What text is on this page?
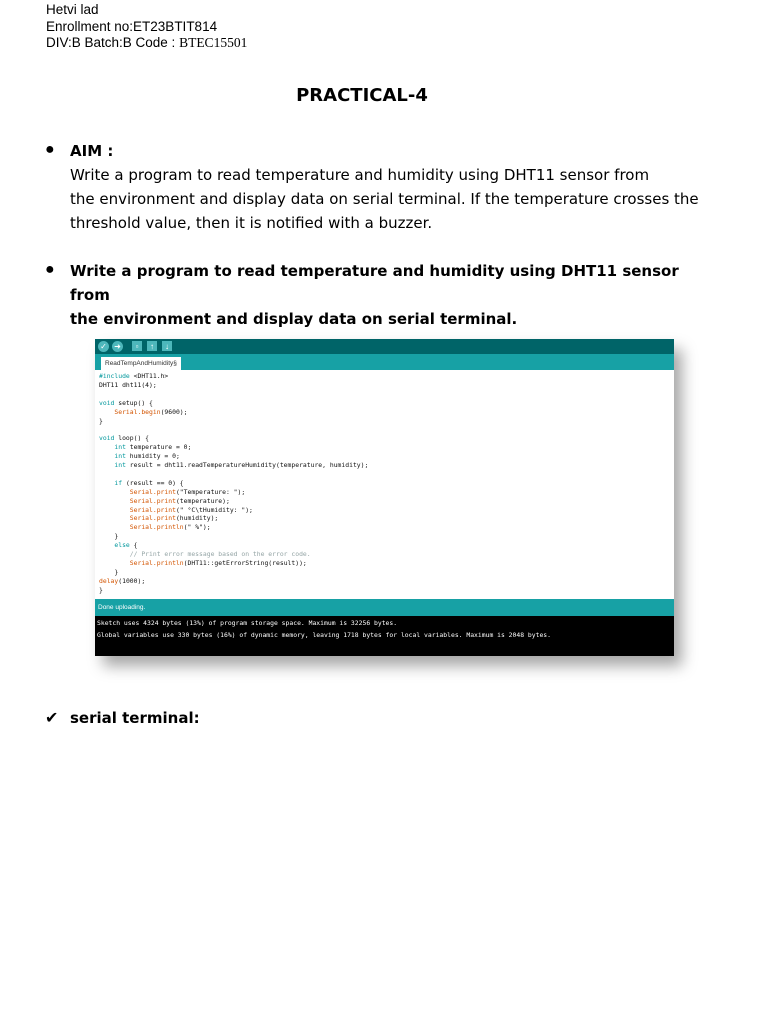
Hetvi lad
Enrollment no:ET23BTIT814
DIV:B Batch:B Code : BTEC15501
PRACTICAL-4
● AIM :
Write a program to read temperature and humidity using DHT11 sensor from
the environment and display data on serial terminal. If the temperature crosses the
threshold value, then it is notified with a buzzer.
● Write a program to read temperature and humidity using DHT11 sensor from
the environment and display data on serial terminal.
✓ ➜	▫	↑	↓
ReadTempAndHumidity§
#include <DHT11.h>
DHT11 dht11(4);
void setup() {
Serial.begin(9600);
}
void loop() {
int temperature = 0;
int humidity = 0;
int result = dht11.readTemperatureHumidity(temperature, humidity);
if (result == 0) {
Serial.print("Temperature: ");
Serial.print(temperature);
Serial.print(" °C\tHumidity: ");
Serial.print(humidity);
Serial.println(" %");
}
else {
// Print error message based on the error code.
Serial.println(DHT11::getErrorString(result));
}
delay(1000);
}
Done uploading.
Sketch uses 4324 bytes (13%) of program storage space. Maximum is 32256 bytes.
Global variables use 330 bytes (16%) of dynamic memory, leaving 1718 bytes for local variables. Maximum is 2048 bytes.
✔ serial terminal:
